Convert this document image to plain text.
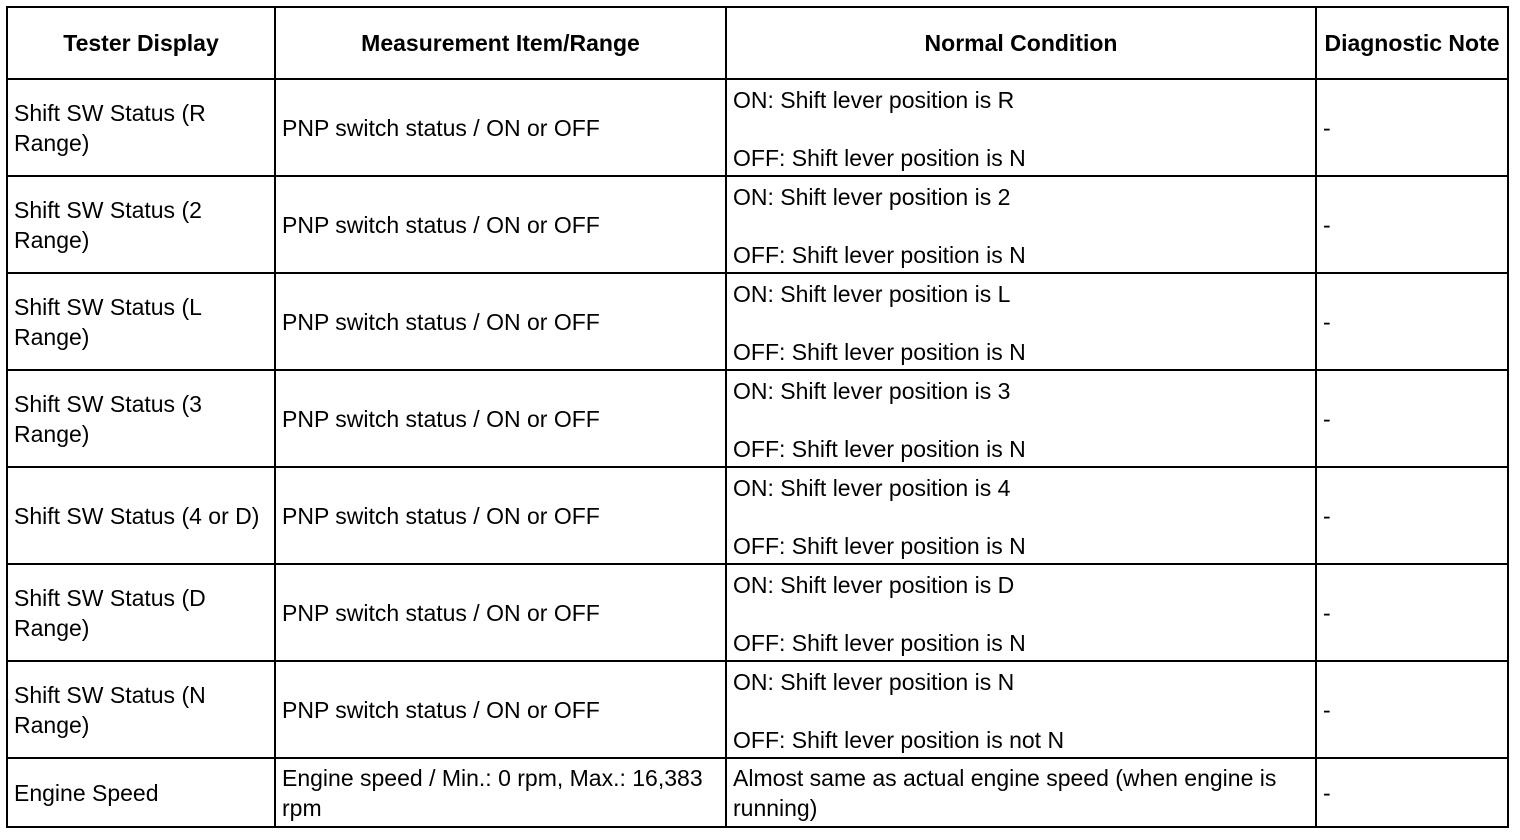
Tester Display	Measurement Item/Range	Normal Condition	Diagnostic Note
Shift SW Status (R Range)	PNP switch status / ON or OFF	ON: Shift lever position is R
OFF: Shift lever position is N	-
Shift SW Status (2 Range)	PNP switch status / ON or OFF	ON: Shift lever position is 2
OFF: Shift lever position is N	-
Shift SW Status (L Range)	PNP switch status / ON or OFF	ON: Shift lever position is L
OFF: Shift lever position is N	-
Shift SW Status (3 Range)	PNP switch status / ON or OFF	ON: Shift lever position is 3
OFF: Shift lever position is N	-
Shift SW Status (4 or D)	PNP switch status / ON or OFF	ON: Shift lever position is 4
OFF: Shift lever position is N	-
Shift SW Status (D Range)	PNP switch status / ON or OFF	ON: Shift lever position is D
OFF: Shift lever position is N	-
Shift SW Status (N Range)	PNP switch status / ON or OFF	ON: Shift lever position is N
OFF: Shift lever position is not N	-
Engine Speed	Engine speed / Min.: 0 rpm, Max.: 16,383 rpm	Almost same as actual engine speed (when engine is running)	-
